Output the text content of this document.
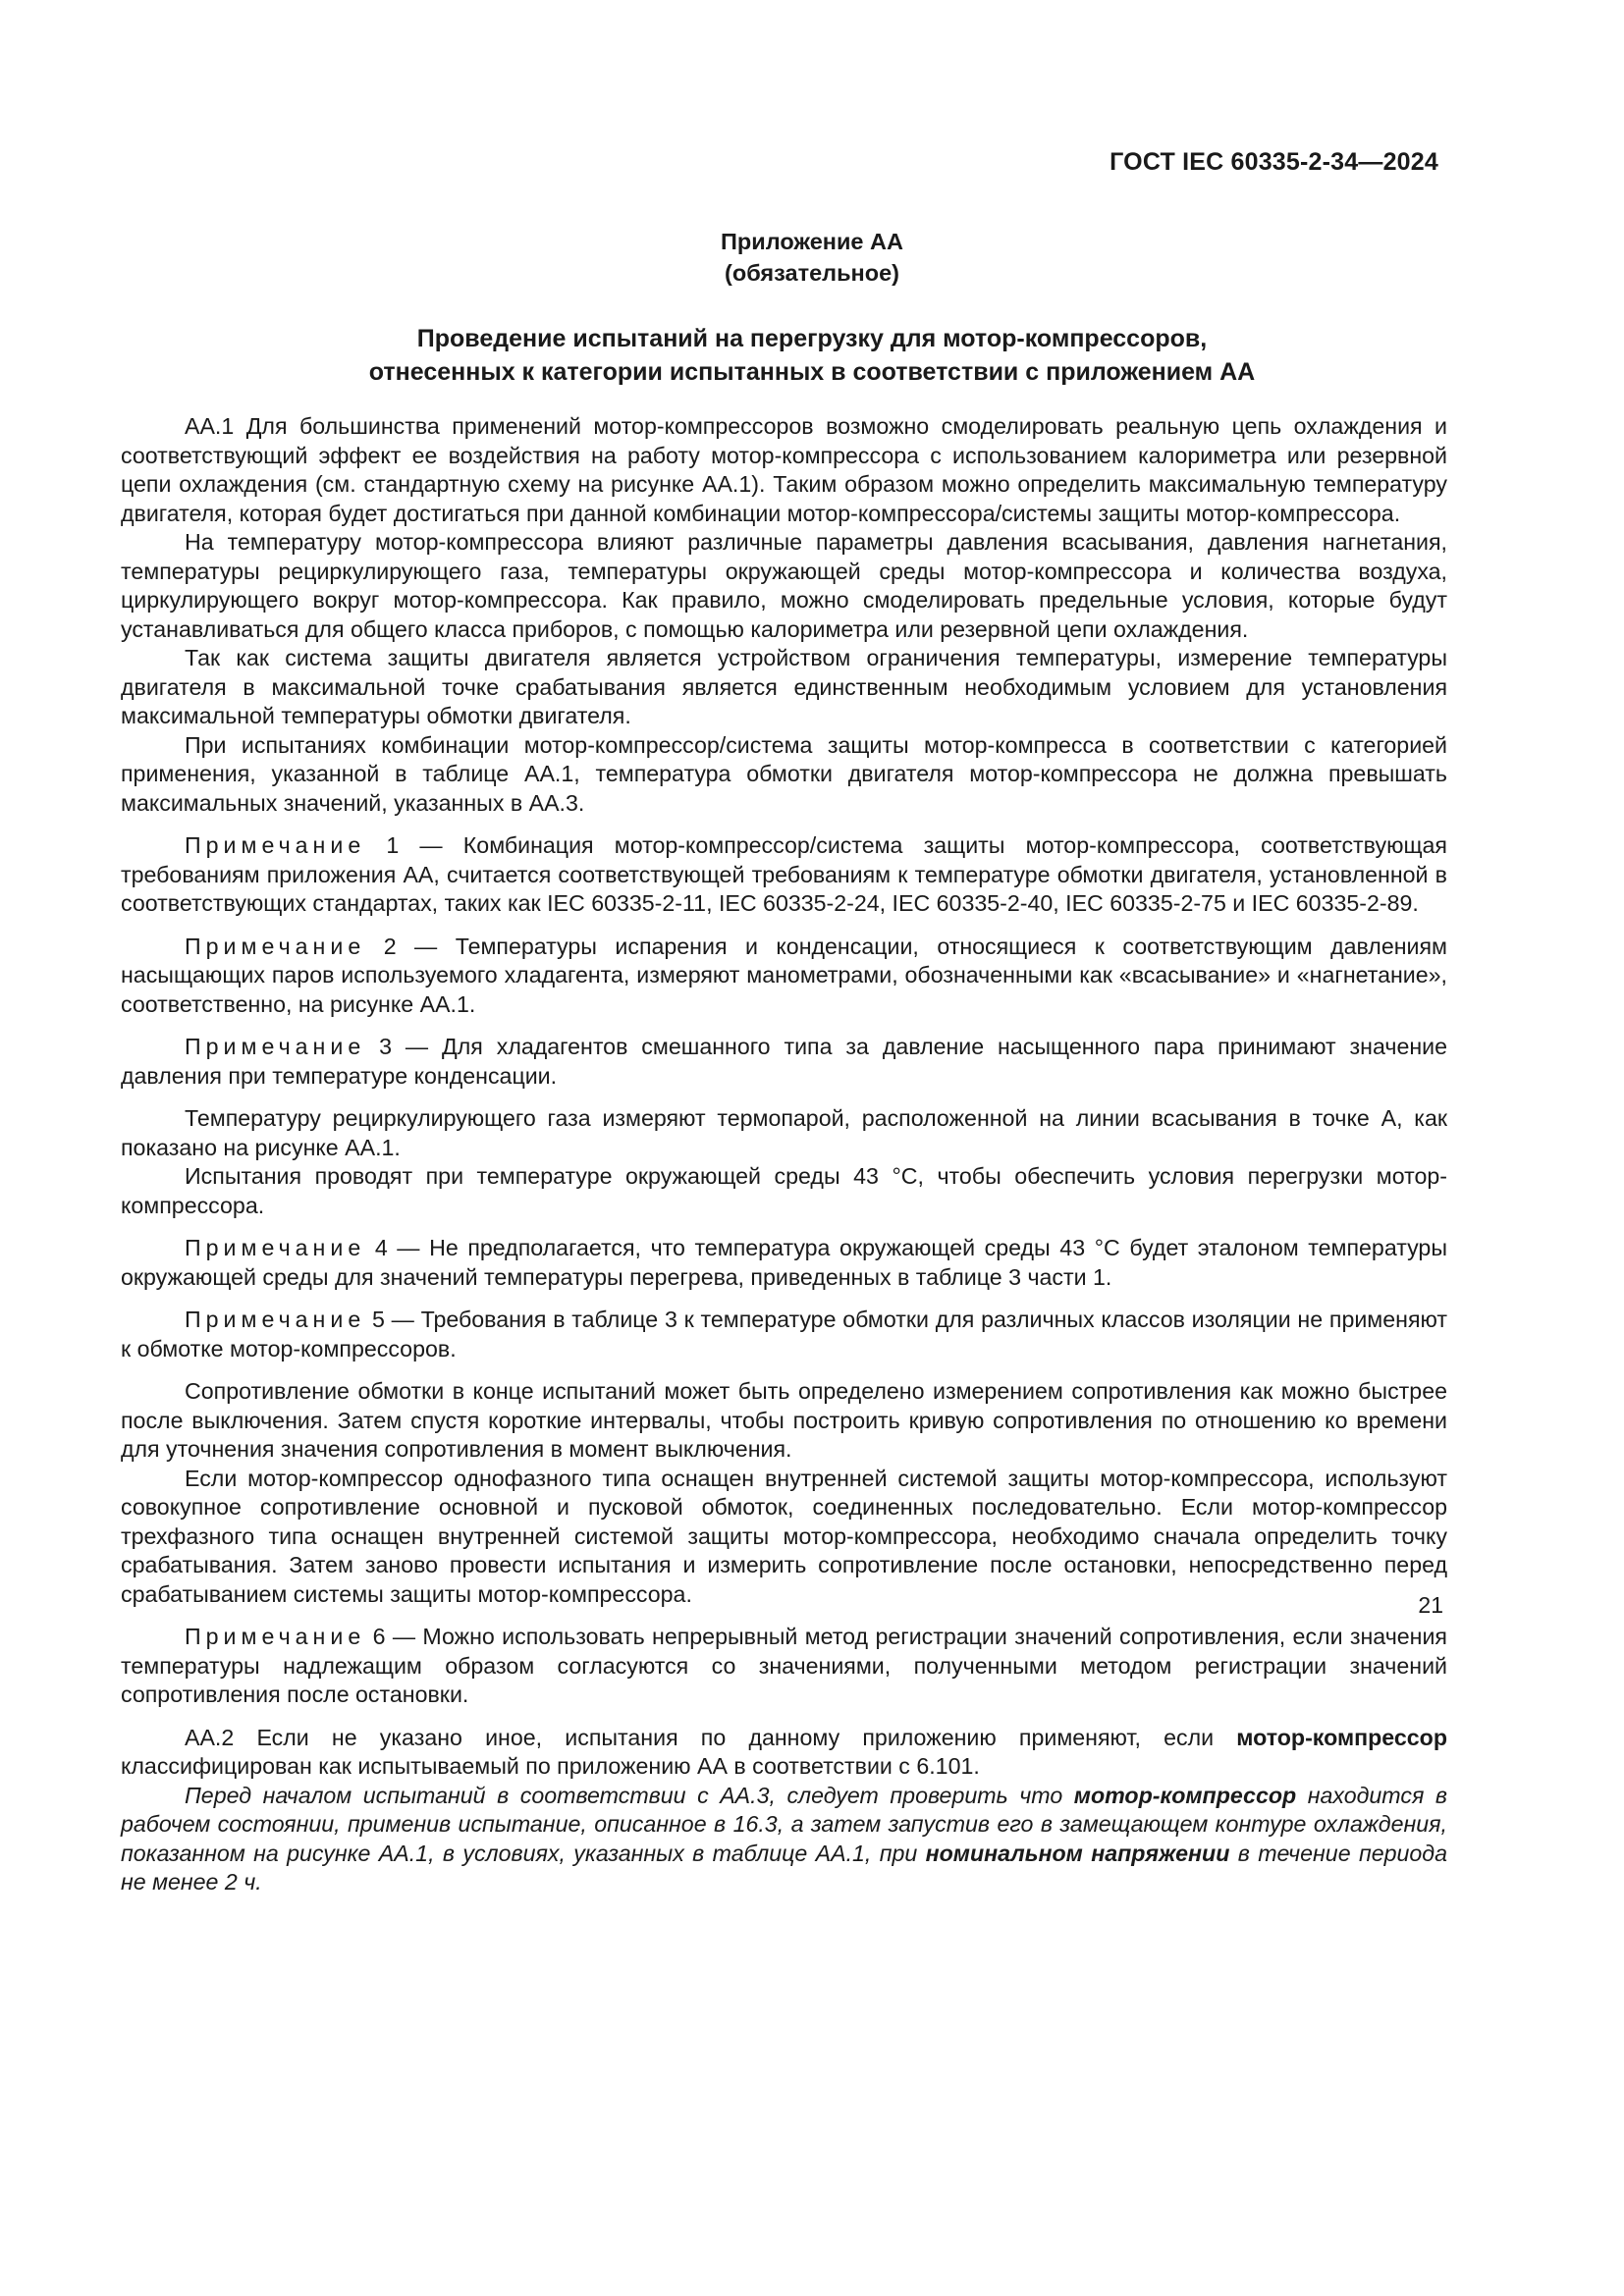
ГОСТ IEC 60335-2-34—2024
Приложение АА
(обязательное)
Проведение испытаний на перегрузку для мотор-компрессоров,
отнесенных к категории испытанных в соответствии с приложением АА

АА.1 Для большинства применений мотор-компрессоров возможно смоделировать реальную цепь охлаждения и соответствующий эффект ее воздействия на работу мотор-компрессора с использованием калориметра или резервной цепи охлаждения (см. стандартную схему на рисунке АА.1). Таким образом можно определить максимальную температуру двигателя, которая будет достигаться при данной комбинации мотор-компрессора/системы защиты мотор-компрессора.

На температуру мотор-компрессора влияют различные параметры давления всасывания, давления нагнетания, температуры рециркулирующего газа, температуры окружающей среды мотор-компрессора и количества воздуха, циркулирующего вокруг мотор-компрессора. Как правило, можно смоделировать предельные условия, которые будут устанавливаться для общего класса приборов, с помощью калориметра или резервной цепи охлаждения.

Так как система защиты двигателя является устройством ограничения температуры, измерение температуры двигателя в максимальной точке срабатывания является единственным необходимым условием для установления максимальной температуры обмотки двигателя.

При испытаниях комбинации мотор-компрессор/система защиты мотор-компресса в соответствии с категорией применения, указанной в таблице АА.1, температура обмотки двигателя мотор-компрессора не должна превышать максимальных значений, указанных в АА.3.

Примечание 1 — Комбинация мотор-компрессор/система защиты мотор-компрессора, соответствующая требованиям приложения АА, считается соответствующей требованиям к температуре обмотки двигателя, установленной в соответствующих стандартах, таких как IEC 60335-2-11, IEC 60335-2-24, IEC 60335-2-40, IEC 60335-2-75 и IEC 60335-2-89.

Примечание 2 — Температуры испарения и конденсации, относящиеся к соответствующим давлениям насыщающих паров используемого хладагента, измеряют манометрами, обозначенными как «всасывание» и «нагнетание», соответственно, на рисунке АА.1.

Примечание 3 — Для хладагентов смешанного типа за давление насыщенного пара принимают значение давления при температуре конденсации.

Температуру рециркулирующего газа измеряют термопарой, расположенной на линии всасывания в точке А, как показано на рисунке АА.1.

Испытания проводят при температуре окружающей среды 43 °С, чтобы обеспечить условия перегрузки мотор-компрессора.

Примечание 4 — Не предполагается, что температура окружающей среды 43 °С будет эталоном температуры окружающей среды для значений температуры перегрева, приведенных в таблице 3 части 1.

Примечание 5 — Требования в таблице 3 к температуре обмотки для различных классов изоляции не применяют к обмотке мотор-компрессоров.

Сопротивление обмотки в конце испытаний может быть определено измерением сопротивления как можно быстрее после выключения. Затем спустя короткие интервалы, чтобы построить кривую сопротивления по отношению ко времени для уточнения значения сопротивления в момент выключения.

Если мотор-компрессор однофазного типа оснащен внутренней системой защиты мотор-компрессора, используют совокупное сопротивление основной и пусковой обмоток, соединенных последовательно. Если мотор-компрессор трехфазного типа оснащен внутренней системой защиты мотор-компрессора, необходимо сначала определить точку срабатывания. Затем заново провести испытания и измерить сопротивление после остановки, непосредственно перед срабатыванием системы защиты мотор-компрессора.

Примечание 6 — Можно использовать непрерывный метод регистрации значений сопротивления, если значения температуры надлежащим образом согласуются со значениями, полученными методом регистрации значений сопротивления после остановки.

АА.2 Если не указано иное, испытания по данному приложению применяют, если мотор-компрессор классифицирован как испытываемый по приложению АА в соответствии с 6.101.

Перед началом испытаний в соответствии с АА.3, следует проверить что мотор-компрессор находится в рабочем состоянии, применив испытание, описанное в 16.3, а затем запустив его в замещающем контуре охлаждения, показанном на рисунке АА.1, в условиях, указанных в таблице АА.1, при номинальном напряжении в течение периода не менее 2 ч.

21
